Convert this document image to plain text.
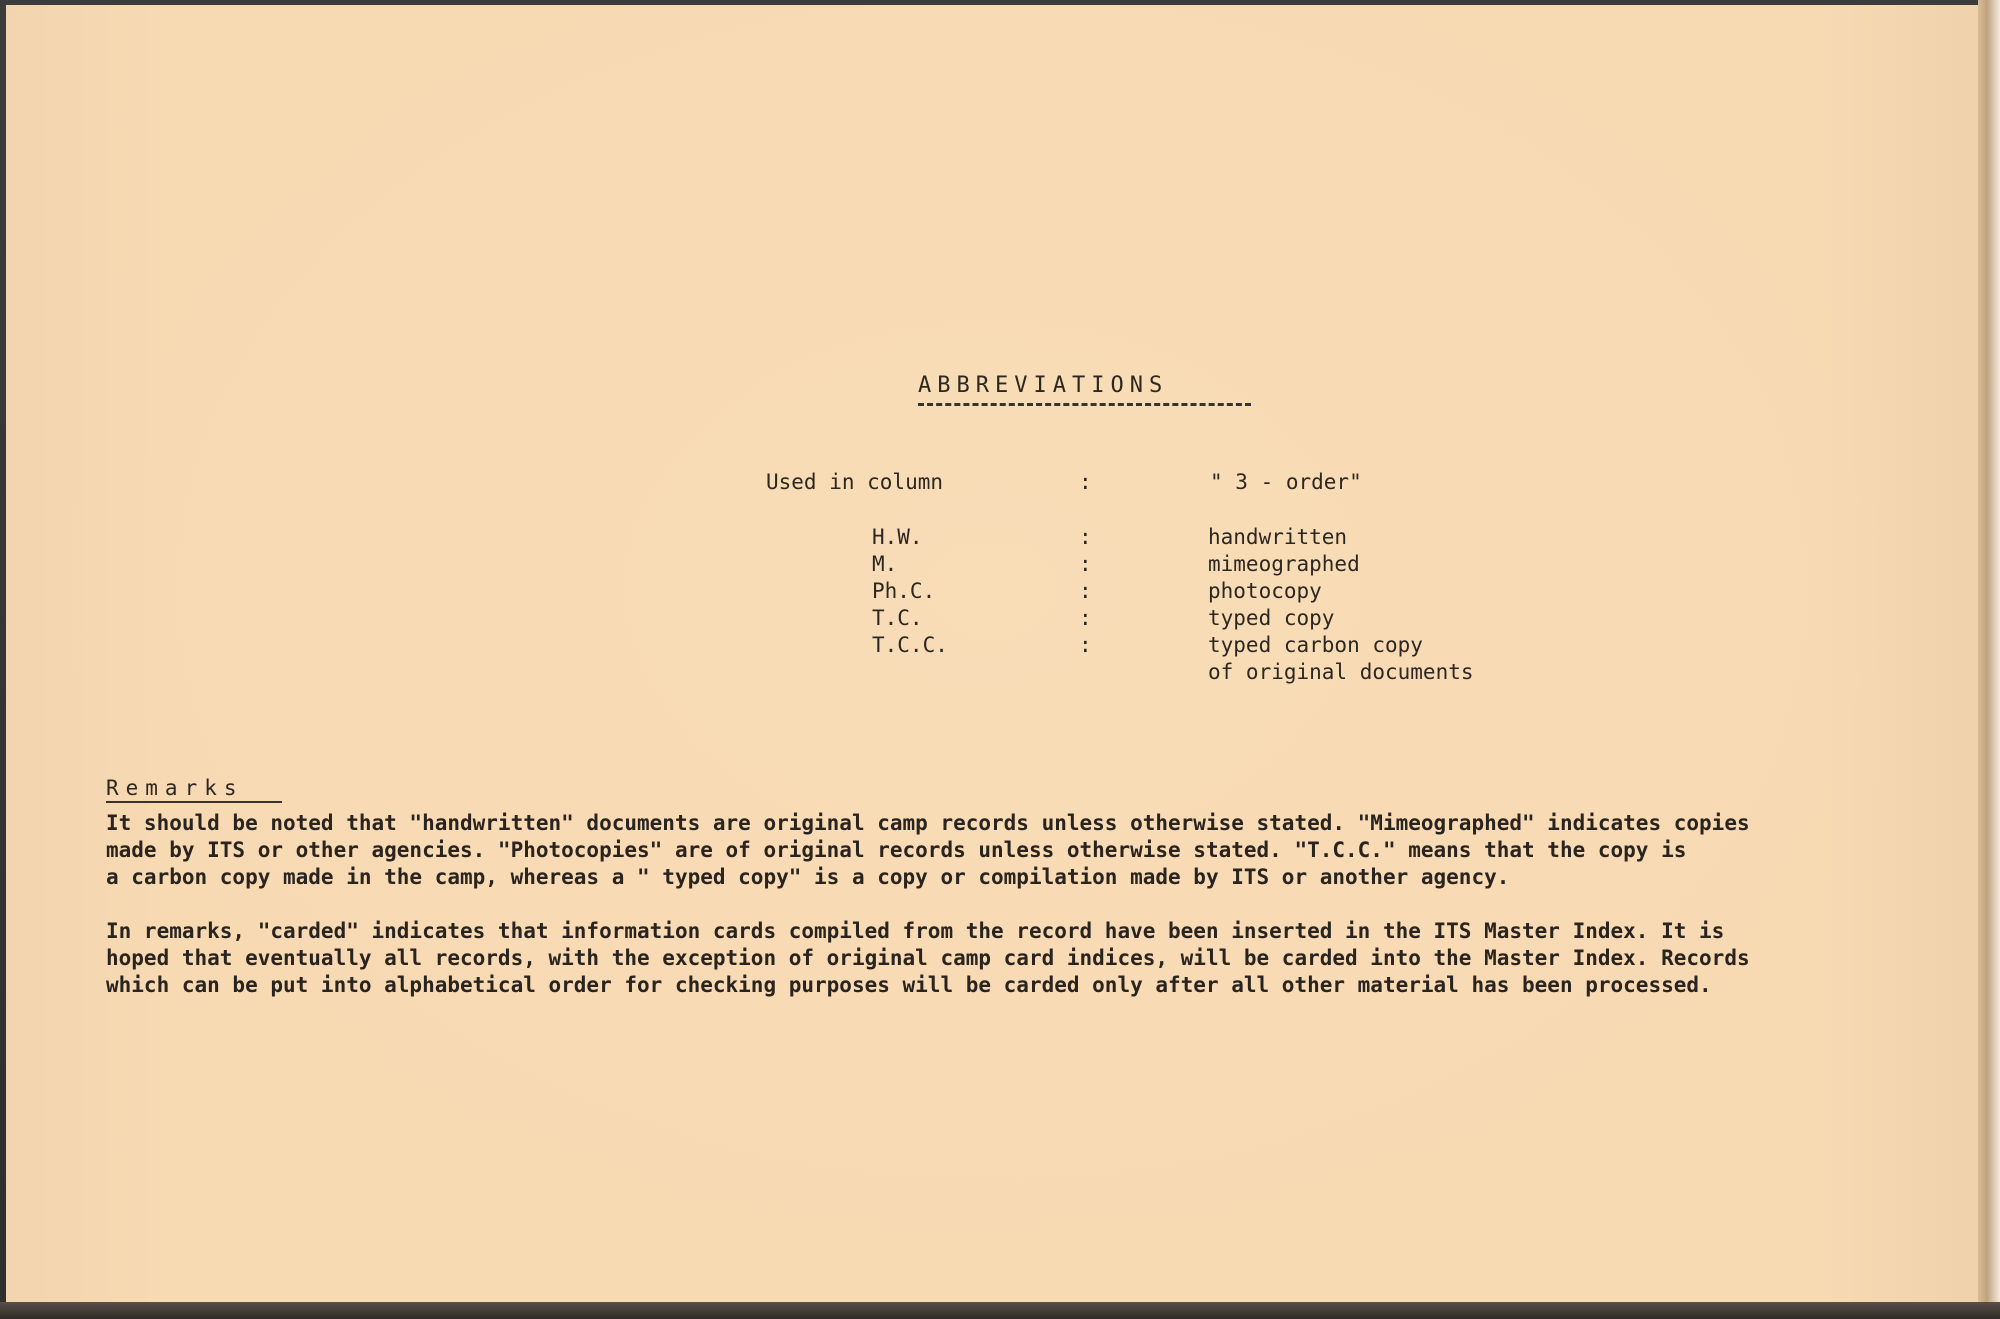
ABBREVIATIONS
Used in column	:	" 3 - order"
H.W.	:	handwritten
M.	:	mimeographed
Ph.C.	:	photocopy
T.C.	:	typed copy
T.C.C.	:	typed carbon copy
of original documents
Remarks
It should be noted that "handwritten" documents are original camp records unless otherwise stated. "Mimeographed" indicates copies
made by ITS or other agencies. "Photocopies" are of original records unless otherwise stated. "T.C.C." means that the copy is
a carbon copy made in the camp, whereas a " typed copy" is a copy or compilation made by ITS or another agency.
In remarks, "carded" indicates that information cards compiled from the record have been inserted in the ITS Master Index. It is
hoped that eventually all records, with the exception of original camp card indices, will be carded into the Master Index. Records
which can be put into alphabetical order for checking purposes will be carded only after all other material has been processed.
